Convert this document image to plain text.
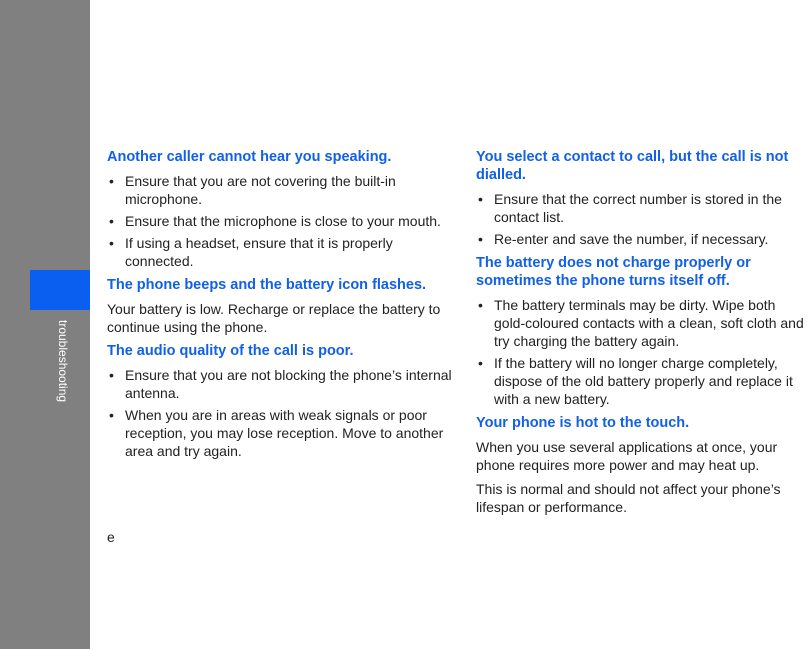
Another caller cannot hear you speaking.
• Ensure that you are not covering the built-in microphone.
• Ensure that the microphone is close to your mouth.
• If using a headset, ensure that it is properly connected.
The phone beeps and the battery icon flashes.

Your battery is low. Recharge or replace the battery to continue using the phone.

The audio quality of the call is poor.
• Ensure that you are not blocking the phone’s internal antenna.
• When you are in areas with weak signals or poor reception, you may lose reception. Move to another area and try again.
You select a contact to call, but the call is not dialled.
• Ensure that the correct number is stored in the contact list.
• Re-enter and save the number, if necessary.
The battery does not charge properly or sometimes the phone turns itself off.
• The battery terminals may be dirty. Wipe both gold-coloured contacts with a clean, soft cloth and try charging the battery again.
• If the battery will no longer charge completely, dispose of the old battery properly and replace it with a new battery.
Your phone is hot to the touch.

When you use several applications at once, your phone requires more power and may heat up.

This is normal and should not affect your phone’s lifespan or performance.

e
